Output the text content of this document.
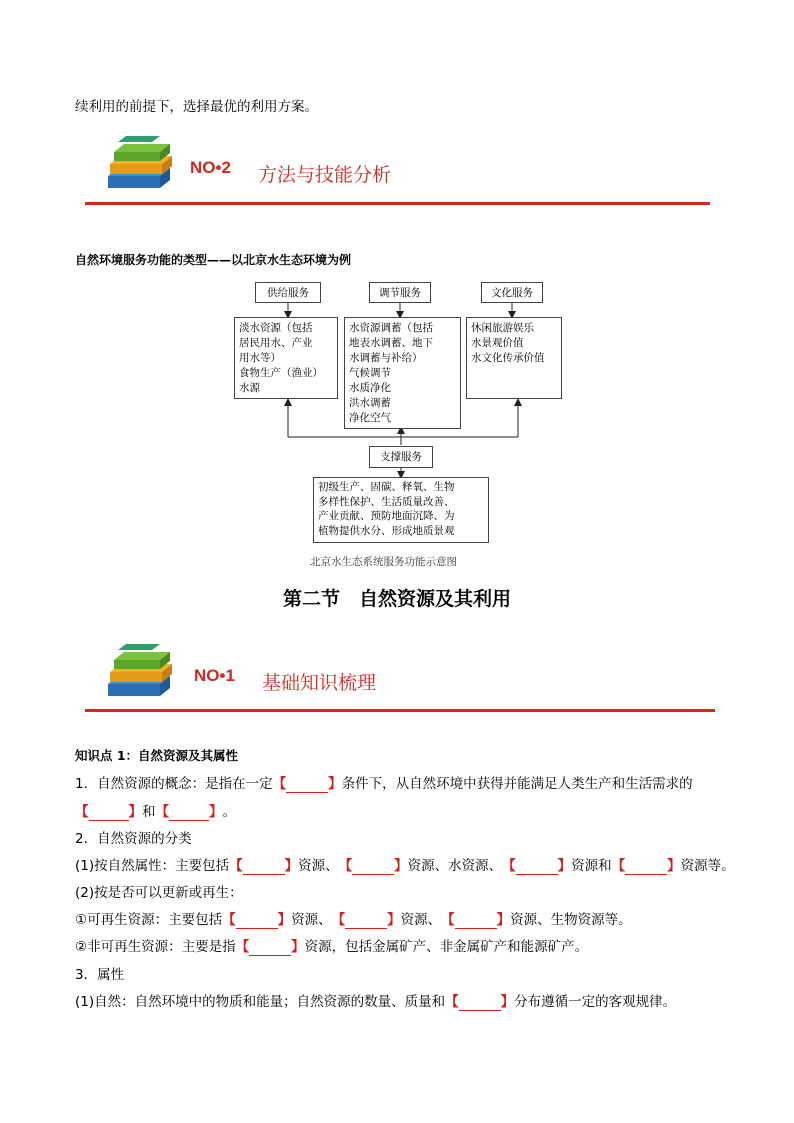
续利用的前提下，选择最优的利用方案。
NO•2 方法与技能分析
自然环境服务功能的类型——以北京水生态环境为例
供给服务
淡水资源（包括
居民用水、产业
用水等）
食物生产（渔业）
水源
调节服务
水资源调蓄（包括
地表水调蓄、地下
水调蓄与补给）
气候调节
水质净化
洪水调蓄
净化空气
文化服务
休闲旅游娱乐
水景观价值
水文化传承价值
支撑服务
初级生产、固碳、释氧、生物
多样性保护、生活质量改善、
产业贡献、预防地面沉降、为
植物提供水分、形成地质景观
北京水生态系统服务功能示意图
第二节　自然资源及其利用
NO•1 基础知识梳理
知识点 1：自然资源及其属性
1．自然资源的概念：是指在一定【	】条件下，从自然环境中获得并能满足人类生产和生活需求的
【	】和【	】。
2．自然资源的分类
(1)按自然属性：主要包括【	】资源、【	】资源、水资源、【	】资源和【	】资源等。
(2)按是否可以更新或再生：
①可再生资源：主要包括【	】资源、【	】资源、【	】资源、生物资源等。
②非可再生资源：主要是指【	】资源，包括金属矿产、非金属矿产和能源矿产。
3．属性
(1)自然：自然环境中的物质和能量；自然资源的数量、质量和【	】分布遵循一定的客观规律。
